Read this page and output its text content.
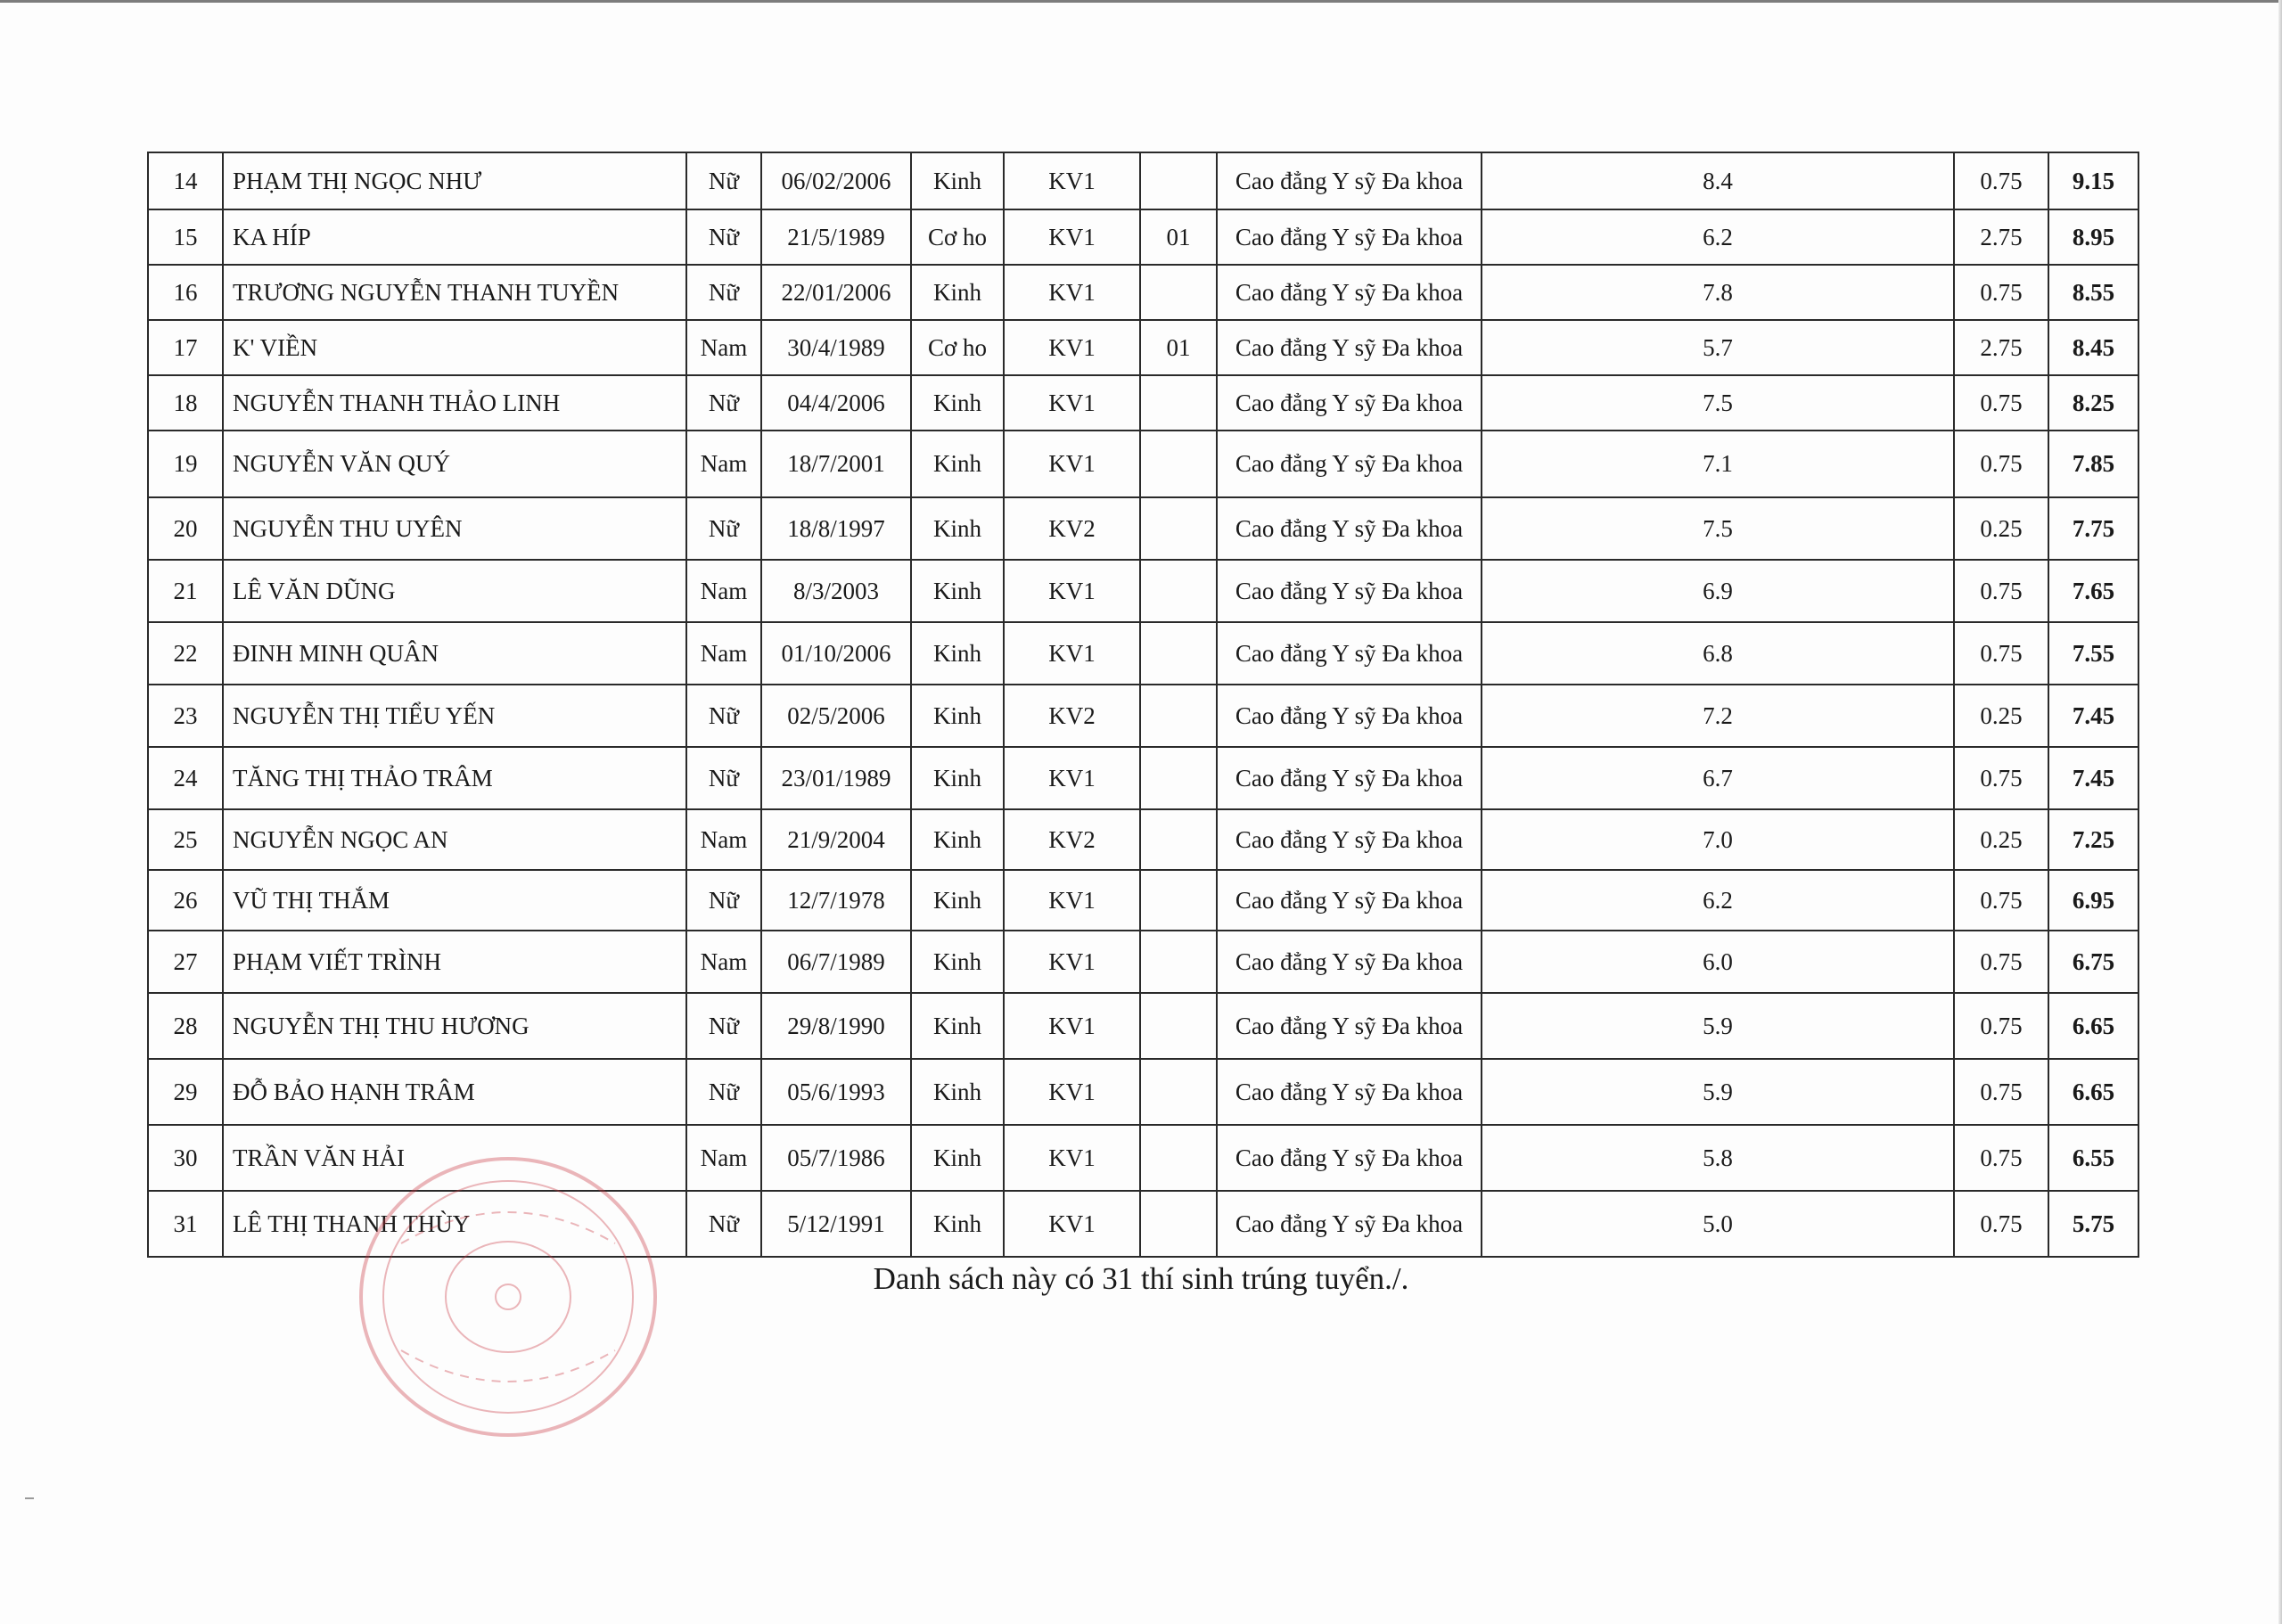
14	PHẠM THỊ NGỌC NHƯ	Nữ	06/02/2006	Kinh	KV1		Cao đẳng Y sỹ Đa khoa	8.4	0.75	9.15
15	KA HÍP	Nữ	21/5/1989	Cơ ho	KV1	01	Cao đẳng Y sỹ Đa khoa	6.2	2.75	8.95
16	TRƯƠNG NGUYỄN THANH TUYỀN	Nữ	22/01/2006	Kinh	KV1		Cao đẳng Y sỹ Đa khoa	7.8	0.75	8.55
17	K' VIỀN	Nam	30/4/1989	Cơ ho	KV1	01	Cao đẳng Y sỹ Đa khoa	5.7	2.75	8.45
18	NGUYỄN THANH THẢO LINH	Nữ	04/4/2006	Kinh	KV1		Cao đẳng Y sỹ Đa khoa	7.5	0.75	8.25
19	NGUYỄN VĂN QUÝ	Nam	18/7/2001	Kinh	KV1		Cao đẳng Y sỹ Đa khoa	7.1	0.75	7.85
20	NGUYỄN THU UYÊN	Nữ	18/8/1997	Kinh	KV2		Cao đẳng Y sỹ Đa khoa	7.5	0.25	7.75
21	LÊ VĂN DŨNG	Nam	8/3/2003	Kinh	KV1		Cao đẳng Y sỹ Đa khoa	6.9	0.75	7.65
22	ĐINH MINH QUÂN	Nam	01/10/2006	Kinh	KV1		Cao đẳng Y sỹ Đa khoa	6.8	0.75	7.55
23	NGUYỄN THỊ TIỂU YẾN	Nữ	02/5/2006	Kinh	KV2		Cao đẳng Y sỹ Đa khoa	7.2	0.25	7.45
24	TĂNG THỊ THẢO TRÂM	Nữ	23/01/1989	Kinh	KV1		Cao đẳng Y sỹ Đa khoa	6.7	0.75	7.45
25	NGUYỄN NGỌC AN	Nam	21/9/2004	Kinh	KV2		Cao đẳng Y sỹ Đa khoa	7.0	0.25	7.25
26	VŨ THỊ THẮM	Nữ	12/7/1978	Kinh	KV1		Cao đẳng Y sỹ Đa khoa	6.2	0.75	6.95
27	PHẠM VIẾT TRÌNH	Nam	06/7/1989	Kinh	KV1		Cao đẳng Y sỹ Đa khoa	6.0	0.75	6.75
28	NGUYỄN THỊ THU HƯƠNG	Nữ	29/8/1990	Kinh	KV1		Cao đẳng Y sỹ Đa khoa	5.9	0.75	6.65
29	ĐỖ BẢO HẠNH TRÂM	Nữ	05/6/1993	Kinh	KV1		Cao đẳng Y sỹ Đa khoa	5.9	0.75	6.65
30	TRẦN VĂN HẢI	Nam	05/7/1986	Kinh	KV1		Cao đẳng Y sỹ Đa khoa	5.8	0.75	6.55
31	LÊ THỊ THANH THÙY	Nữ	5/12/1991	Kinh	KV1		Cao đẳng Y sỹ Đa khoa	5.0	0.75	5.75
Danh sách này có 31 thí sinh trúng tuyển./.
